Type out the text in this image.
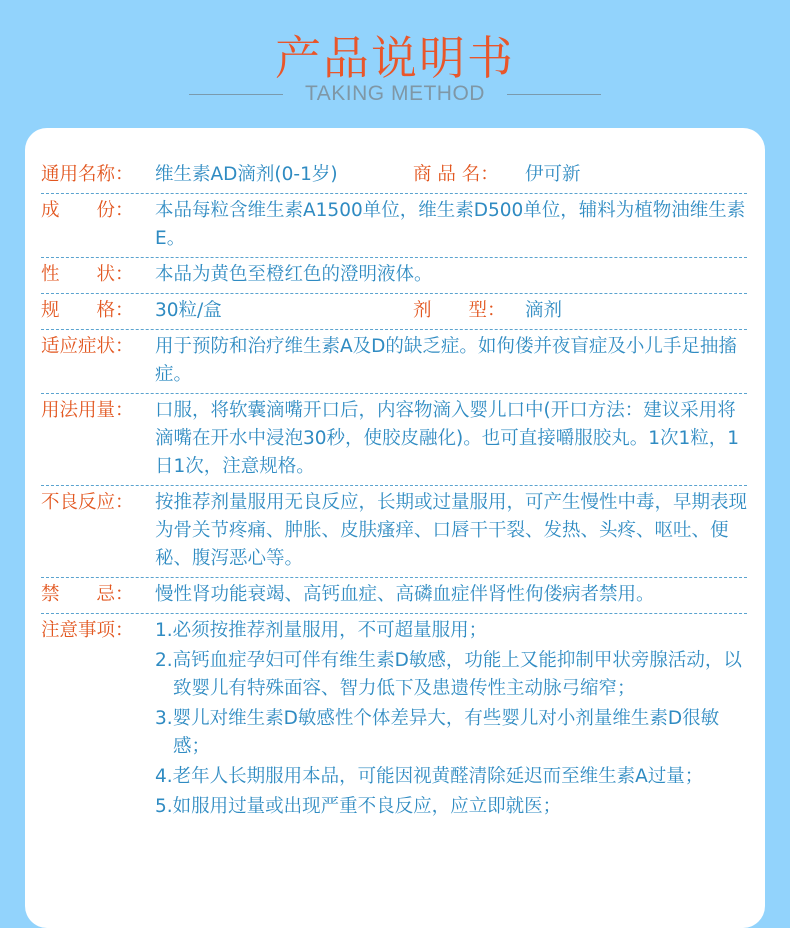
产品说明书
TAKING METHOD
通用名称：	维生素AD滴剂(0-1岁)	商 品 名：	伊可新
成　　份：	本品每粒含维生素A1500单位，维生素D500单位，辅料为植物油维生素E。
性　　状：	本品为黄色至橙红色的澄明液体。
规　　格：	30粒/盒	剂　　型：	滴剂
适应症状：	用于预防和治疗维生素A及D的缺乏症。如佝偻并夜盲症及小儿手足抽搐症。
用法用量：	口服，将软囊滴嘴开口后，内容物滴入婴儿口中(开口方法：建议采用将滴嘴在开水中浸泡30秒，使胶皮融化)。也可直接嚼服胶丸。1次1粒，1日1次，注意规格。
不良反应：	按推荐剂量服用无良反应，长期或过量服用，可产生慢性中毒，早期表现为骨关节疼痛、肿胀、皮肤瘙痒、口唇干干裂、发热、头疼、呕吐、便秘、腹泻恶心等。
禁　　忌：	慢性肾功能衰竭、高钙血症、高磷血症伴肾性佝偻病者禁用。
注意事项：	1.必须按推荐剂量服用，不可超量服用；
2.高钙血症孕妇可伴有维生素D敏感，功能上又能抑制甲状旁腺活动，以致婴儿有特殊面容、智力低下及患遗传性主动脉弓缩窄；
3.婴儿对维生素D敏感性个体差异大，有些婴儿对小剂量维生素D很敏感；
4.老年人长期服用本品，可能因视黄醛清除延迟而至维生素A过量；
5.如服用过量或出现严重不良反应，应立即就医；
